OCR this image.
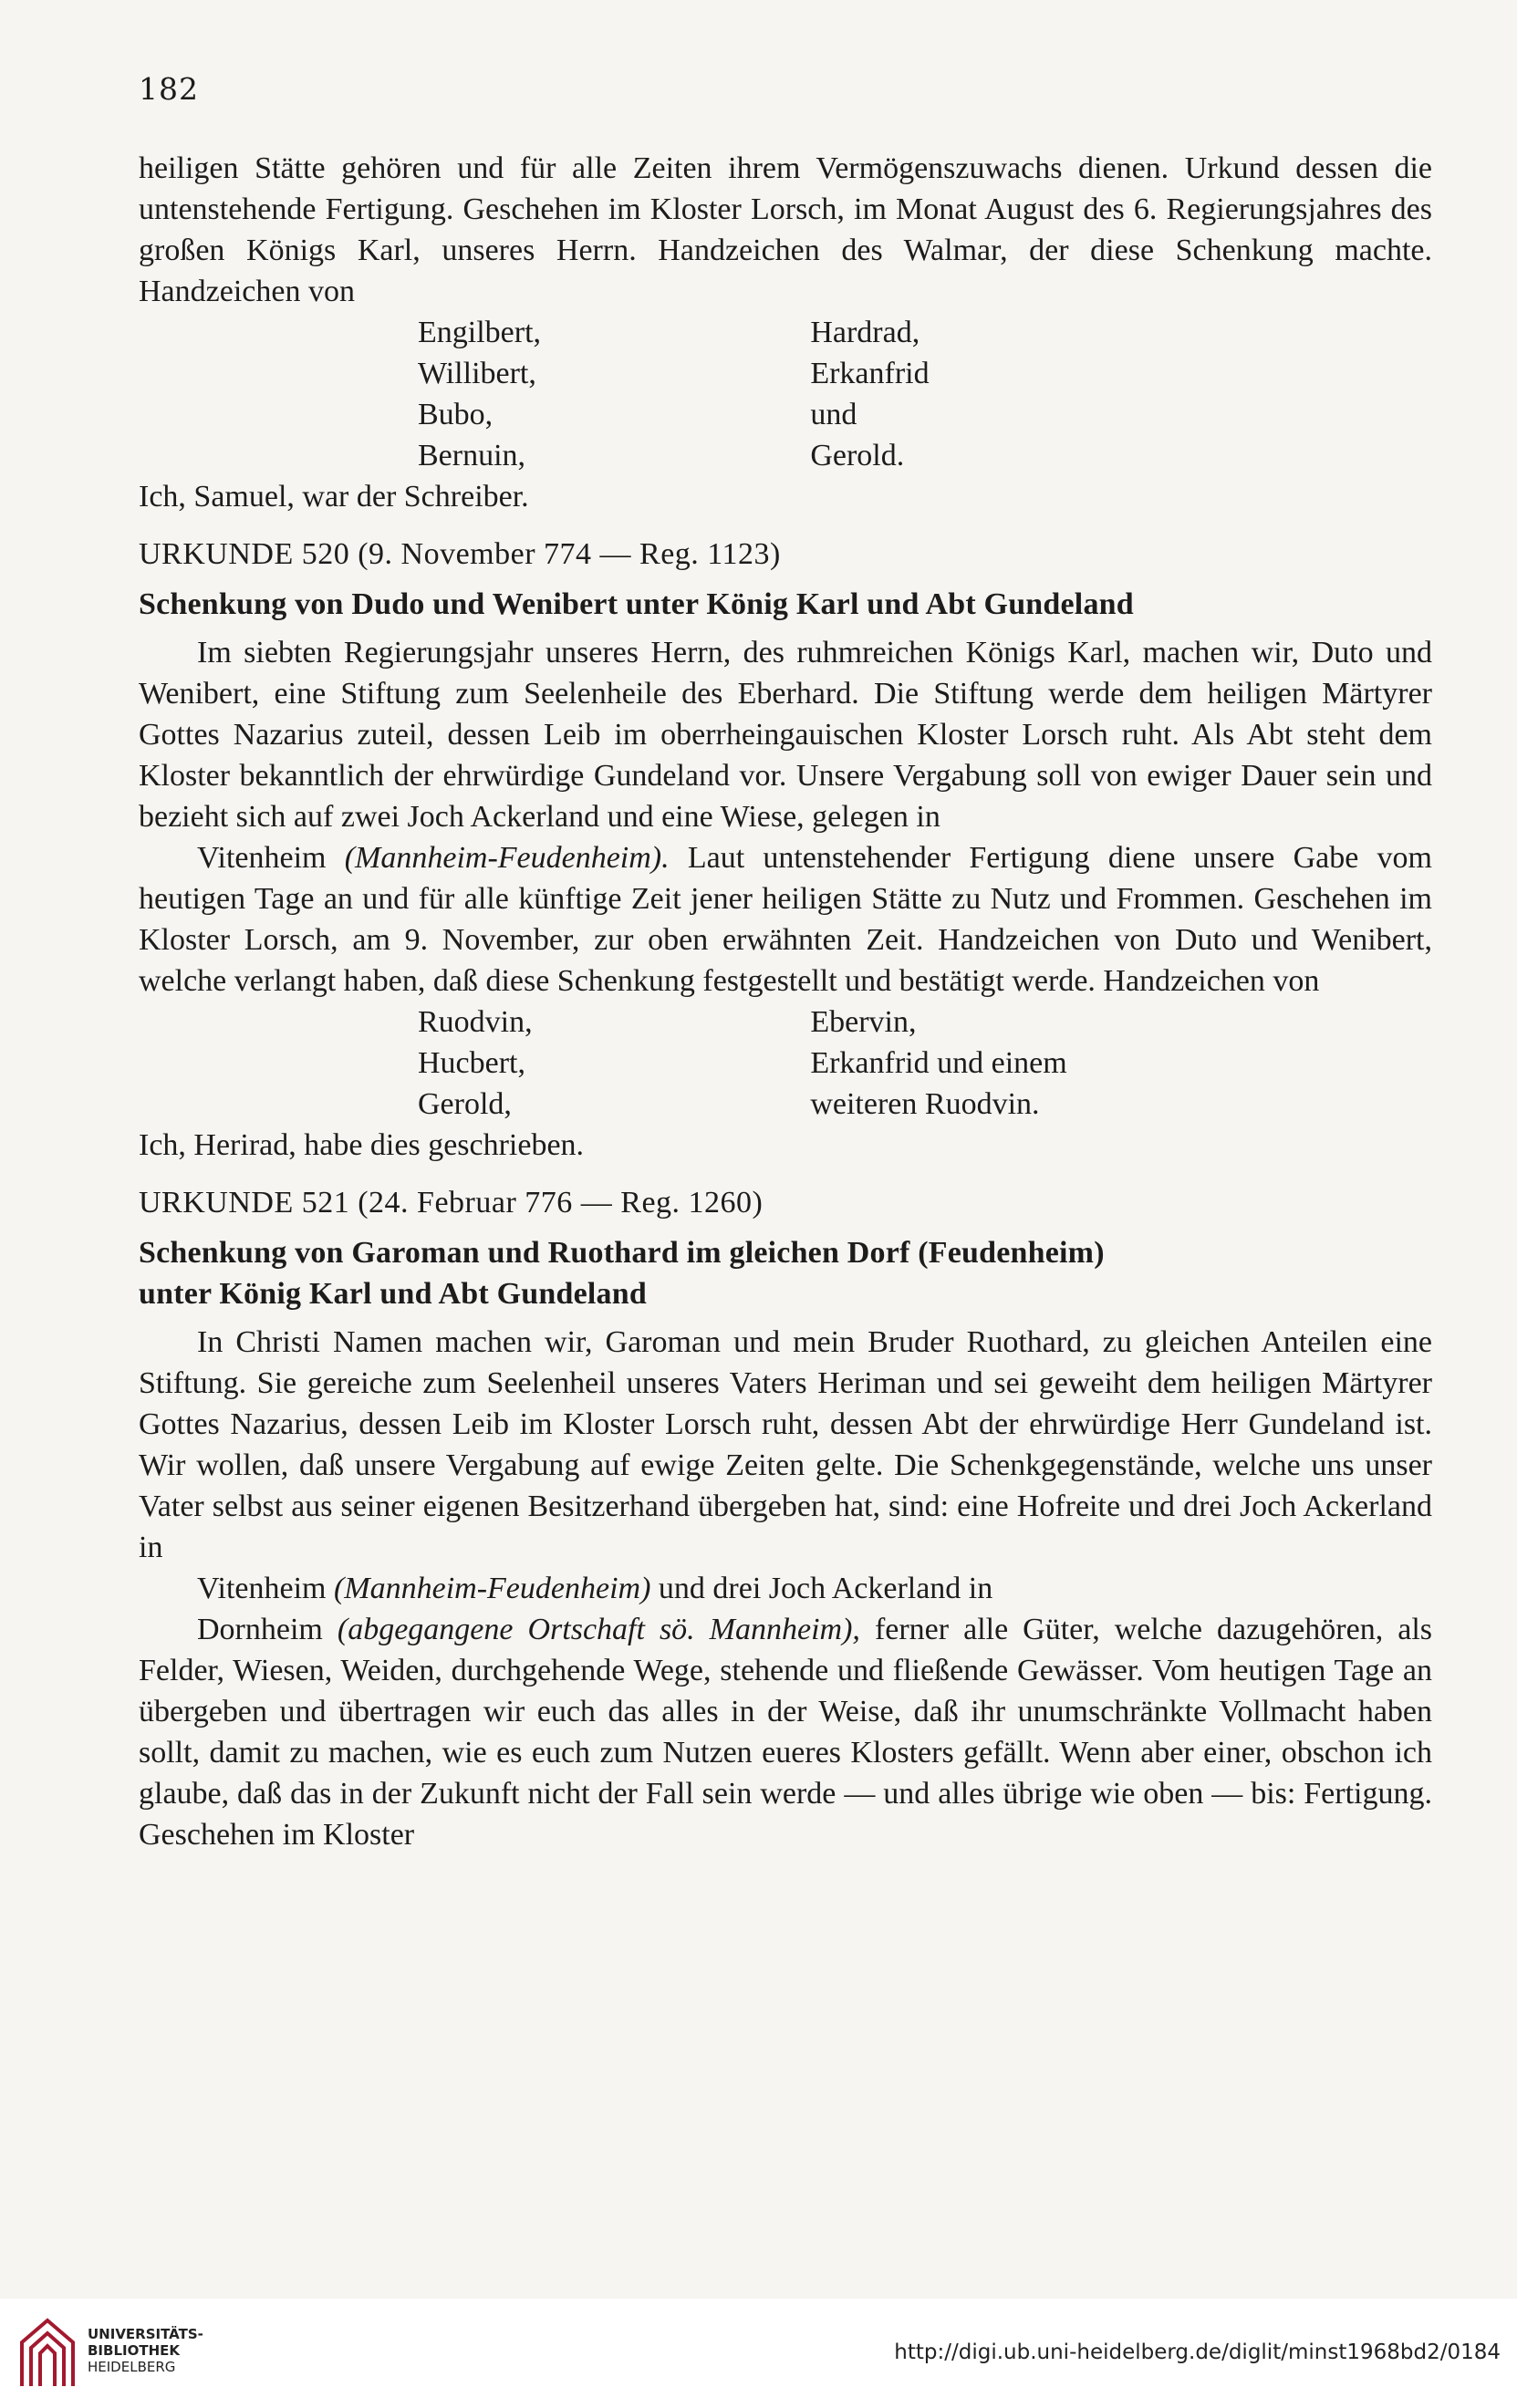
182

heiligen Stätte gehören und für alle Zeiten ihrem Vermögenszuwachs dienen. Urkund dessen die untenstehende Fertigung. Geschehen im Kloster Lorsch, im Monat August des 6. Regierungsjahres des großen Königs Karl, unseres Herrn. Handzeichen des Walmar, der diese Schenkung machte. Handzeichen von

Engilbert,
Willibert,
Bubo,
Bernuin,
Hardrad,
Erkanfrid
und
Gerold.

Ich, Samuel, war der Schreiber.

URKUNDE 520 (9. November 774 — Reg. 1123)

Schenkung von Dudo und Wenibert unter König Karl und Abt Gundeland

Im siebten Regierungsjahr unseres Herrn, des ruhmreichen Königs Karl, machen wir, Duto und Wenibert, eine Stiftung zum Seelenheile des Eberhard. Die Stiftung werde dem heiligen Märtyrer Gottes Nazarius zuteil, dessen Leib im oberrheingauischen Kloster Lorsch ruht. Als Abt steht dem Kloster bekanntlich der ehrwürdige Gundeland vor. Unsere Vergabung soll von ewiger Dauer sein und bezieht sich auf zwei Joch Ackerland und eine Wiese, gelegen in

Vitenheim (Mannheim-Feudenheim). Laut untenstehender Fertigung diene unsere Gabe vom heutigen Tage an und für alle künftige Zeit jener heiligen Stätte zu Nutz und Frommen. Geschehen im Kloster Lorsch, am 9. November, zur oben erwähnten Zeit. Handzeichen von Duto und Wenibert, welche verlangt haben, daß diese Schenkung festgestellt und bestätigt werde. Handzeichen von

Ruodvin,
Hucbert,
Gerold,
Ebervin,
Erkanfrid und einem
weiteren Ruodvin.

Ich, Herirad, habe dies geschrieben.

URKUNDE 521 (24. Februar 776 — Reg. 1260)

Schenkung von Garoman und Ruothard im gleichen Dorf (Feudenheim)

unter König Karl und Abt Gundeland

In Christi Namen machen wir, Garoman und mein Bruder Ruothard, zu gleichen Anteilen eine Stiftung. Sie gereiche zum Seelenheil unseres Vaters Heriman und sei geweiht dem heiligen Märtyrer Gottes Nazarius, dessen Leib im Kloster Lorsch ruht, dessen Abt der ehrwürdige Herr Gundeland ist. Wir wollen, daß unsere Vergabung auf ewige Zeiten gelte. Die Schenkgegenstände, welche uns unser Vater selbst aus seiner eigenen Besitzerhand übergeben hat, sind: eine Hofreite und drei Joch Ackerland in

Vitenheim (Mannheim-Feudenheim) und drei Joch Ackerland in

Dornheim (abgegangene Ortschaft sö. Mannheim), ferner alle Güter, welche dazugehören, als Felder, Wiesen, Weiden, durchgehende Wege, stehende und fließende Gewässer. Vom heutigen Tage an übergeben und übertragen wir euch das alles in der Weise, daß ihr unumschränkte Vollmacht haben sollt, damit zu machen, wie es euch zum Nutzen eueres Klosters gefällt. Wenn aber einer, obschon ich glaube, daß das in der Zukunft nicht der Fall sein werde — und alles übrige wie oben — bis: Fertigung. Geschehen im Kloster

UNIVERSITÄTS-
BIBLIOTHEK
HEIDELBERG
http://digi.ub.uni-heidelberg.de/diglit/minst1968bd2/0184
